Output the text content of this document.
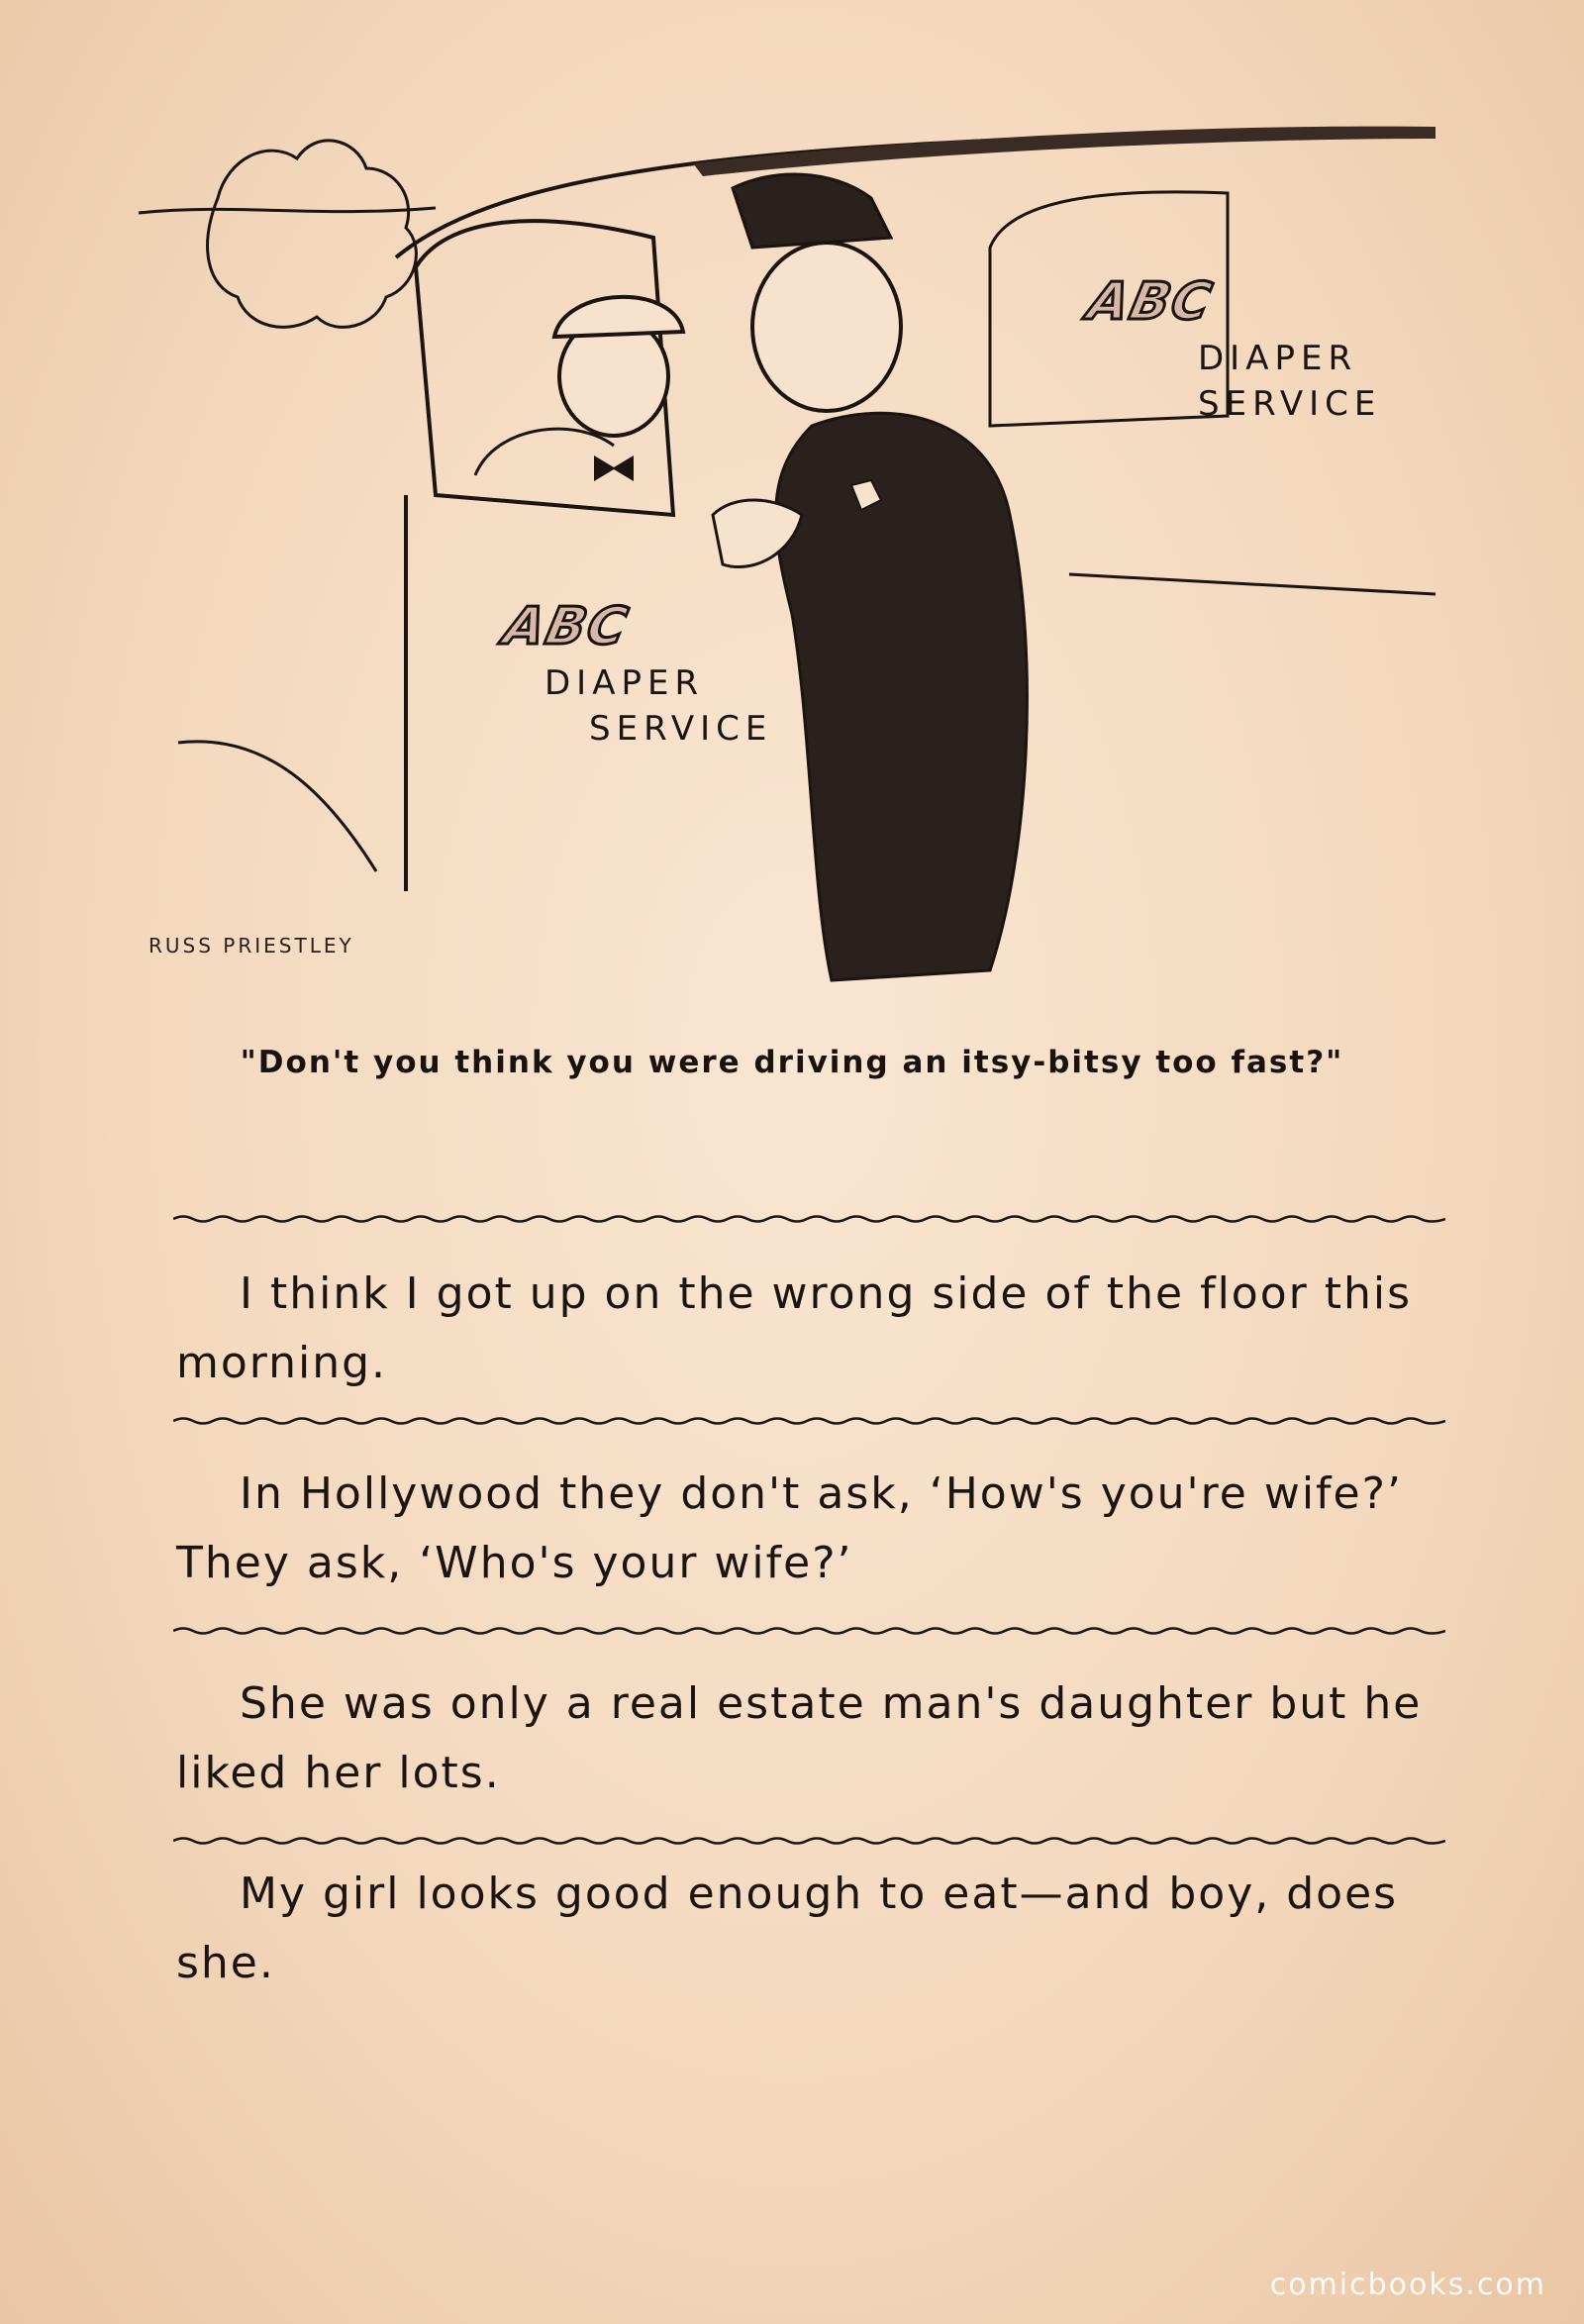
ABC
DIAPER
SERVICE
ABC
DIAPER
SERVICE
RUSS PRIESTLEY
"Don't you think you were driving an itsy-bitsy too fast?"

I think I got up on the wrong side of the floor this morning.

In Hollywood they don't ask, ‘How's you're wife?’ They ask, ‘Who's your wife?’

She was only a real estate man's daughter but he liked her lots.

My girl looks good enough to eat—and boy, does she.

comicbooks.com
